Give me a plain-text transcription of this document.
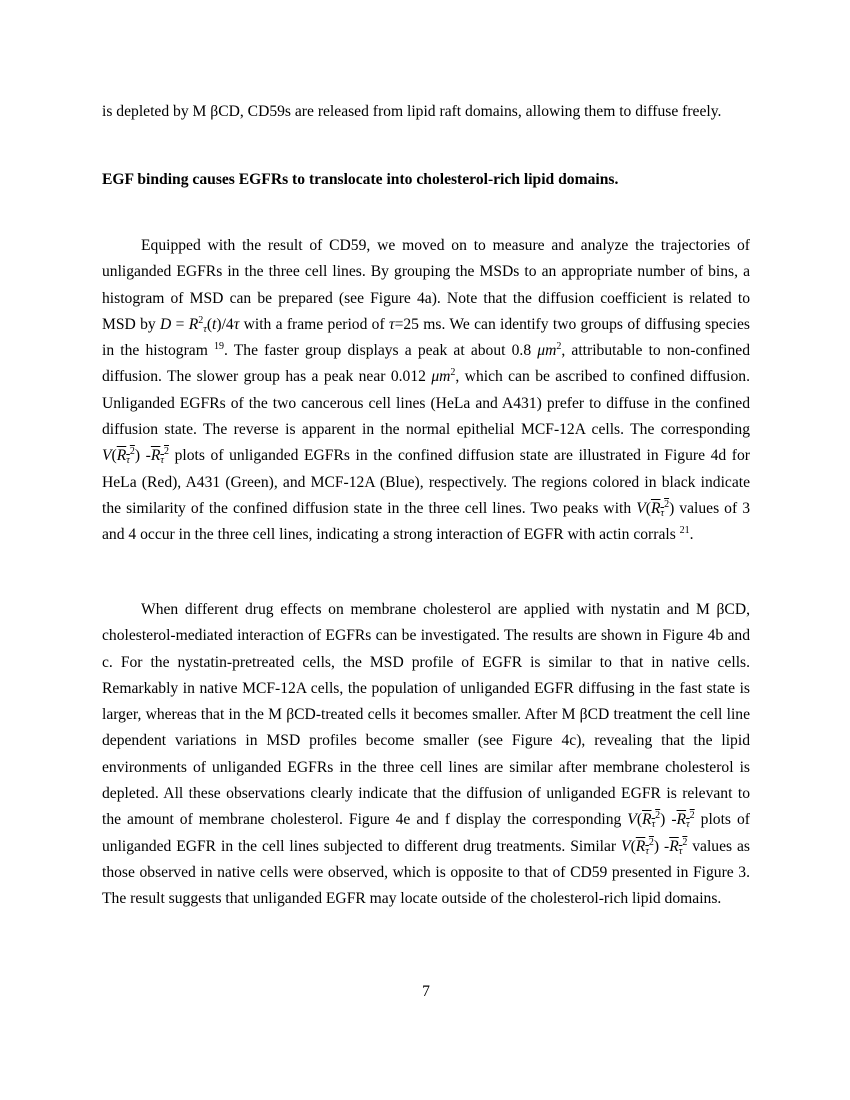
is depleted by M βCD, CD59s are released from lipid raft domains, allowing them to diffuse freely.

EGF binding causes EGFRs to translocate into cholesterol-rich lipid domains.

Equipped with the result of CD59, we moved on to measure and analyze the trajectories of unliganded EGFRs in the three cell lines. By grouping the MSDs to an appropriate number of bins, a histogram of MSD can be prepared (see Figure 4a). Note that the diffusion coefficient is related to MSD by $D = R^2_\tau(t)/4\tau$ with a frame period of τ=25 ms. We can identify two groups of diffusing species in the histogram $^{19}$. The faster group displays a peak at about 0.8 $\mu m^2$, attributable to non-confined diffusion. The slower group has a peak near 0.012 $\mu m^2$, which can be ascribed to confined diffusion. Unliganded EGFRs of the two cancerous cell lines (HeLa and A431) prefer to diffuse in the confined diffusion state. The reverse is apparent in the normal epithelial MCF-12A cells. The corresponding $V(R_\tau^2)$ $-R_\tau^2$ plots of unliganded EGFRs in the confined diffusion state are illustrated in Figure 4d for HeLa (Red), A431 (Green), and MCF-12A (Blue), respectively. The regions colored in black indicate the similarity of the confined diffusion state in the three cell lines. Two peaks with $V(R_\tau^2)$ values of 3 and 4 occur in the three cell lines, indicating a strong interaction of EGFR with actin corrals $^{21}$.

When different drug effects on membrane cholesterol are applied with nystatin and M βCD, cholesterol-mediated interaction of EGFRs can be investigated. The results are shown in Figure 4b and c. For the nystatin-pretreated cells, the MSD profile of EGFR is similar to that in native cells. Remarkably in native MCF-12A cells, the population of unliganded EGFR diffusing in the fast state is larger, whereas that in the M βCD-treated cells it becomes smaller. After M βCD treatment the cell line dependent variations in MSD profiles become smaller (see Figure 4c), revealing that the lipid environments of unliganded EGFRs in the three cell lines are similar after membrane cholesterol is depleted. All these observations clearly indicate that the diffusion of unliganded EGFR is relevant to the amount of membrane cholesterol. Figure 4e and f display the corresponding $V(R_\tau^2)$ $-R_\tau^2$ plots of unliganded EGFR in the cell lines subjected to different drug treatments. Similar $V(R_\tau^2)$ $-R_\tau^2$ values as those observed in native cells were observed, which is opposite to that of CD59 presented in Figure 3. The result suggests that unliganded EGFR may locate outside of the cholesterol-rich lipid domains.

7
